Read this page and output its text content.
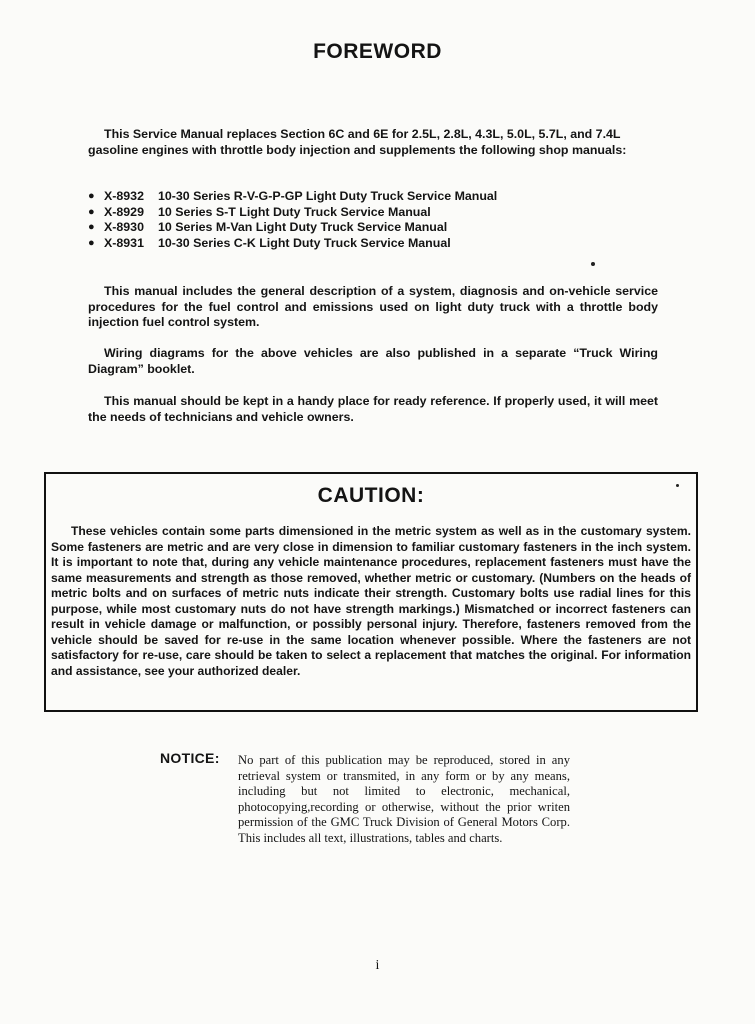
FOREWORD

This Service Manual replaces Section 6C and 6E for 2.5L, 2.8L, 4.3L, 5.0L, 5.7L, and 7.4L gasoline engines with throttle body injection and supplements the following shop manuals:

● X-8932	10-30 Series R-V-G-P-GP Light Duty Truck Service Manual
● X-8929	10 Series S-T Light Duty Truck Service Manual
● X-8930	10 Series M-Van Light Duty Truck Service Manual
● X-8931	10-30 Series C-K Light Duty Truck Service Manual

This manual includes the general description of a system, diagnosis and on-vehicle service procedures for the fuel control and emissions used on light duty truck with a throttle body injection fuel control system.

Wiring diagrams for the above vehicles are also published in a separate “Truck Wiring Diagram” booklet.

This manual should be kept in a handy place for ready reference. If properly used, it will meet the needs of technicians and vehicle owners.

CAUTION:

These vehicles contain some parts dimensioned in the metric system as well as in the customary system. Some fasteners are metric and are very close in dimension to familiar customary fasteners in the inch system. It is important to note that, during any vehicle maintenance procedures, replacement fasteners must have the same measurements and strength as those removed, whether metric or customary. (Numbers on the heads of metric bolts and on surfaces of metric nuts indicate their strength. Customary bolts use radial lines for this purpose, while most customary nuts do not have strength markings.) Mismatched or incorrect fasteners can result in vehicle damage or malfunction, or possibly personal injury. Therefore, fasteners removed from the vehicle should be saved for re-use in the same location whenever possible. Where the fasteners are not satisfactory for re-use, care should be taken to select a replacement that matches the original. For information and assistance, see your authorized dealer.

NOTICE: No part of this publication may be reproduced, stored in any retrieval system or transmited, in any form or by any means, including but not limited to electronic, mechanical, photocopying,recording or otherwise, without the prior writen permission of the GMC Truck Division of General Motors Corp. This includes all text, illustrations, tables and charts.

i
